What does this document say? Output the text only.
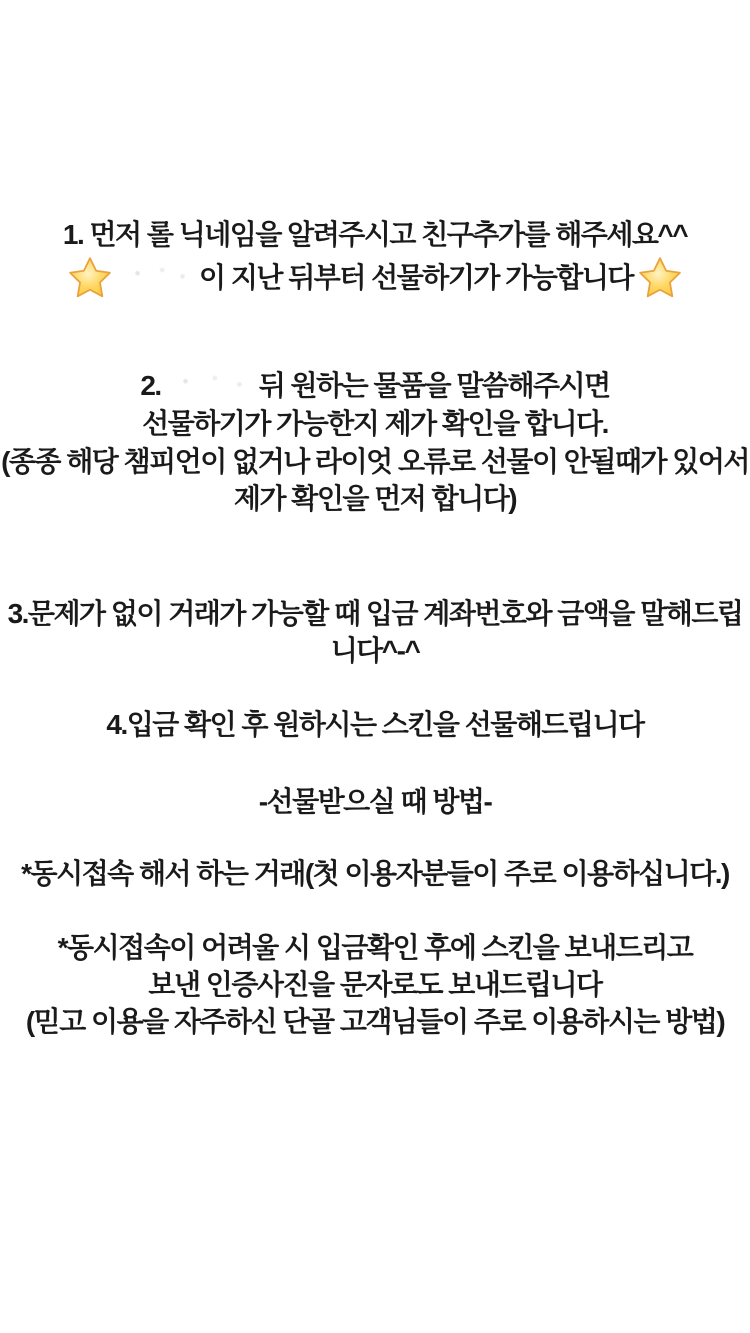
1. 먼저 롤 닉네임을 알려주시고 친구추가를 해주세요^^
이 지난 뒤부터 선물하기가 가능합니다
2.	뒤 원하는 물품을 말씀해주시면
선물하기가 가능한지 제가 확인을 합니다.
(종종 해당 챔피언이 없거나 라이엇 오류로 선물이 안될때가 있어서
제가 확인을 먼저 합니다)
3.문제가 없이 거래가 가능할 때 입금 계좌번호와 금액을 말해드립
니다^-^
4.입금 확인 후 원하시는 스킨을 선물해드립니다
-선물받으실 때 방법-
*동시접속 해서 하는 거래(첫 이용자분들이 주로 이용하십니다.)
*동시접속이 어려울 시 입금확인 후에 스킨을 보내드리고
보낸 인증사진을 문자로도 보내드립니다
(믿고 이용을 자주하신 단골 고객님들이 주로 이용하시는 방법)
